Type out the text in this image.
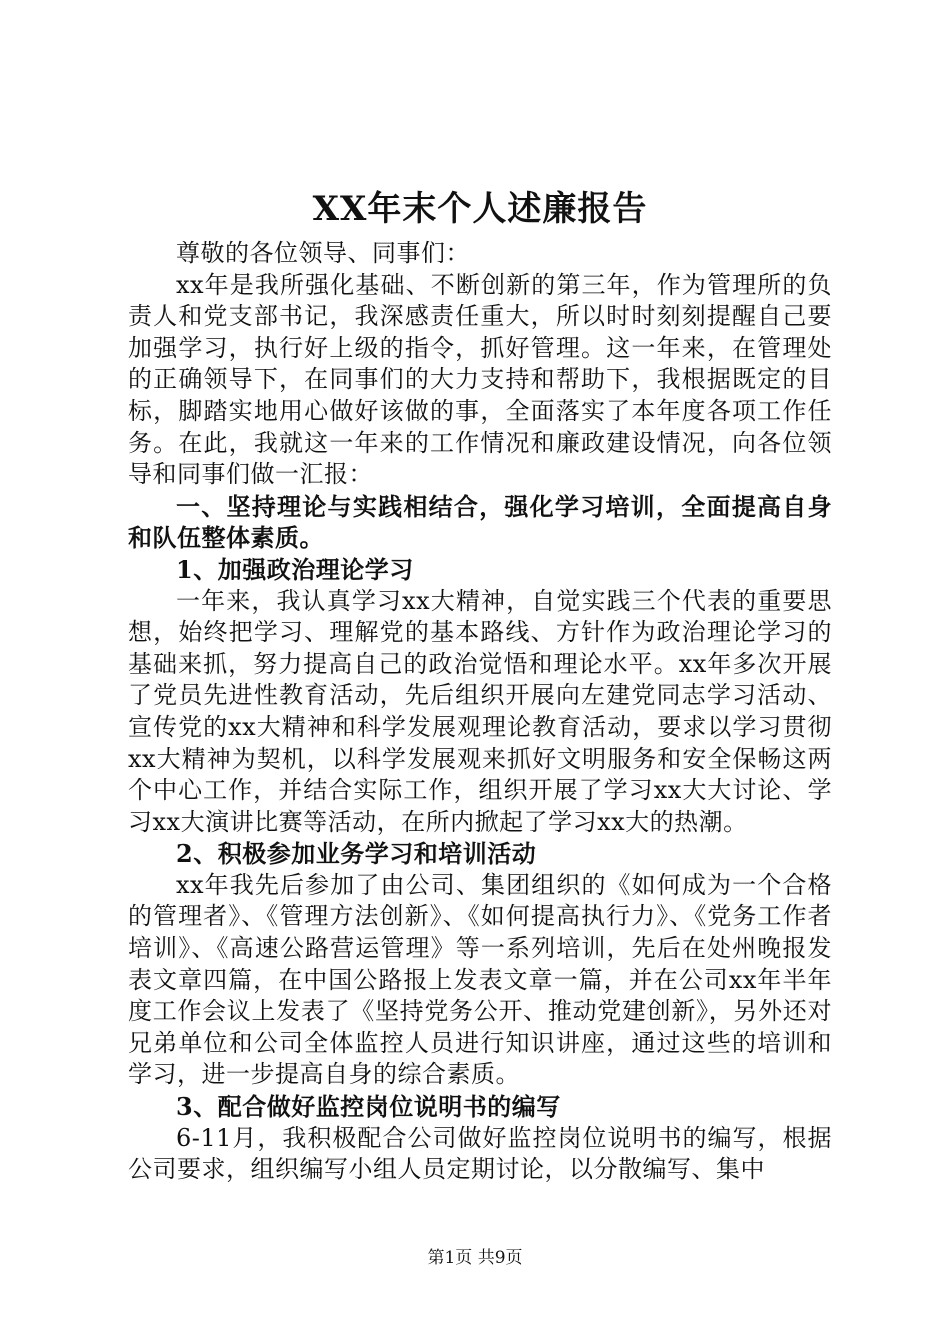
XX年末个人述廉报告

尊敬的各位领导、同事们：

xx年是我所强化基础、不断创新的第三年，作为管理所的负责人和党支部书记，我深感责任重大，所以时时刻刻提醒自己要加强学习，执行好上级的指令，抓好管理。这一年来，在管理处的正确领导下，在同事们的大力支持和帮助下，我根据既定的目标，脚踏实地用心做好该做的事，全面落实了本年度各项工作任务。在此，我就这一年来的工作情况和廉政建设情况，向各位领导和同事们做一汇报：

一、坚持理论与实践相结合，强化学习培训，全面提高自身和队伍整体素质。

1、加强政治理论学习

一年来，我认真学习xx大精神，自觉实践三个代表的重要思想，始终把学习、理解党的基本路线、方针作为政治理论学习的基础来抓，努力提高自己的政治觉悟和理论水平。xx年多次开展了党员先进性教育活动，先后组织开展向左建党同志学习活动、宣传党的xx大精神和科学发展观理论教育活动，要求以学习贯彻xx大精神为契机，以科学发展观来抓好文明服务和安全保畅这两个中心工作，并结合实际工作，组织开展了学习xx大大讨论、学习xx大演讲比赛等活动，在所内掀起了学习xx大的热潮。

2、积极参加业务学习和培训活动

xx年我先后参加了由公司、集团组织的《如何成为一个合格的管理者》、《管理方法创新》、《如何提高执行力》、《党务工作者培训》、《高速公路营运管理》等一系列培训，先后在处州晚报发表文章四篇，在中国公路报上发表文章一篇，并在公司xx年半年度工作会议上发表了《坚持党务公开、推动党建创新》，另外还对兄弟单位和公司全体监控人员进行知识讲座，通过这些的培训和学习，进一步提高自身的综合素质。

3、配合做好监控岗位说明书的编写

6-11月，我积极配合公司做好监控岗位说明书的编写，根据公司要求，组织编写小组人员定期讨论，以分散编写、集中

第1页 共9页
